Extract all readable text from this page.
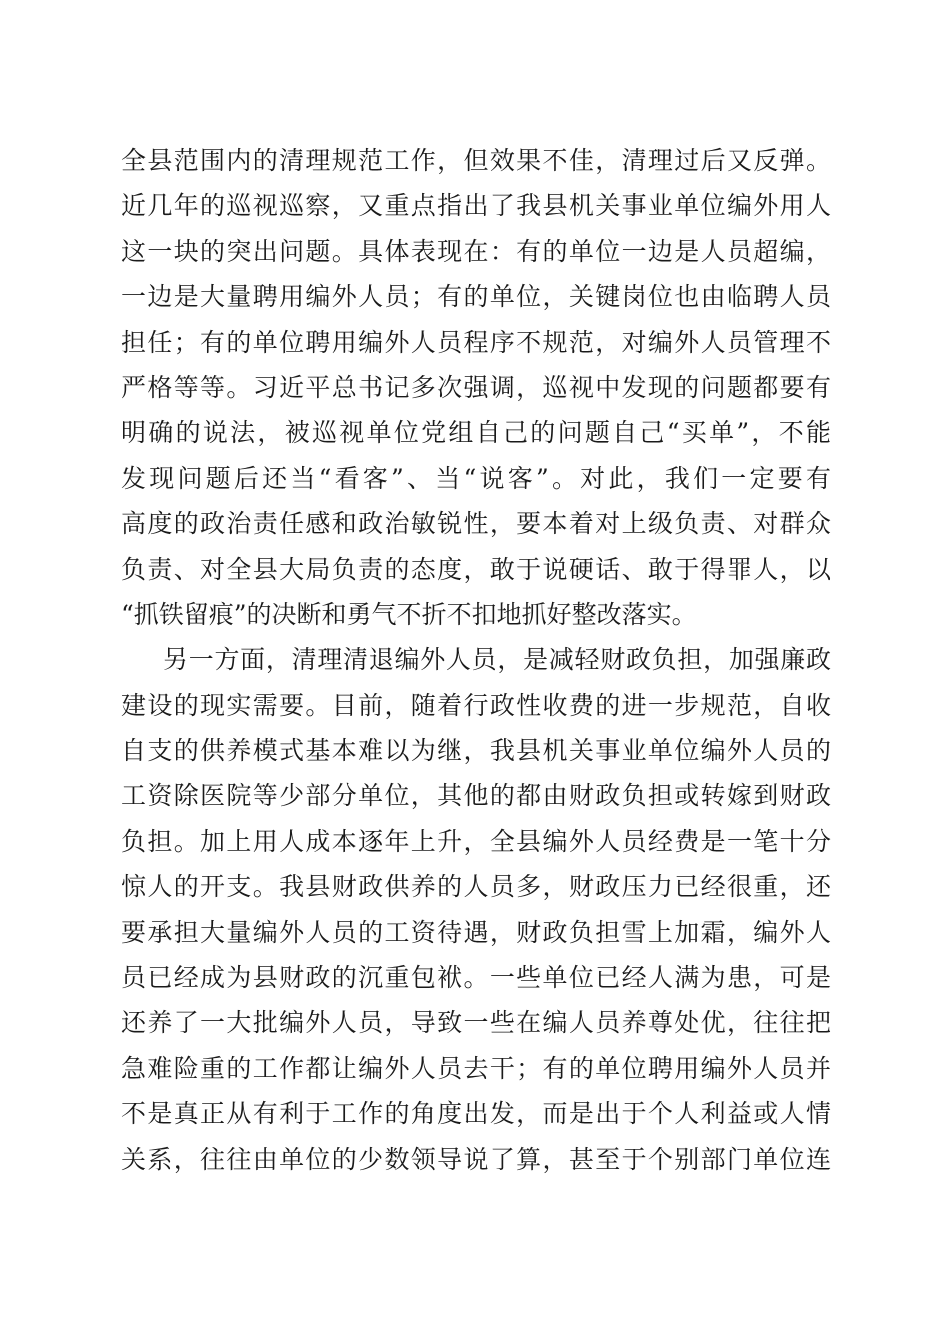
全县范围内的清理规范工作，但效果不佳，清理过后又反弹。
近几年的巡视巡察，又重点指出了我县机关事业单位编外用人
这一块的突出问题。具体表现在：有的单位一边是人员超编，
一边是大量聘用编外人员；有的单位，关键岗位也由临聘人员
担任；有的单位聘用编外人员程序不规范，对编外人员管理不
严格等等。习近平总书记多次强调，巡视中发现的问题都要有
明确的说法，被巡视单位党组自己的问题自己“买单”，不能
发现问题后还当“看客”、当“说客”。对此，我们一定要有
高度的政治责任感和政治敏锐性，要本着对上级负责、对群众
负责、对全县大局负责的态度，敢于说硬话、敢于得罪人，以
“抓铁留痕”的决断和勇气不折不扣地抓好整改落实。
另一方面，清理清退编外人员，是减轻财政负担，加强廉政
建设的现实需要。目前，随着行政性收费的进一步规范，自收
自支的供养模式基本难以为继，我县机关事业单位编外人员的
工资除医院等少部分单位，其他的都由财政负担或转嫁到财政
负担。加上用人成本逐年上升，全县编外人员经费是一笔十分
惊人的开支。我县财政供养的人员多，财政压力已经很重，还
要承担大量编外人员的工资待遇，财政负担雪上加霜，编外人
员已经成为县财政的沉重包袱。一些单位已经人满为患，可是
还养了一大批编外人员，导致一些在编人员养尊处优，往往把
急难险重的工作都让编外人员去干；有的单位聘用编外人员并
不是真正从有利于工作的角度出发，而是出于个人利益或人情
关系，往往由单位的少数领导说了算，甚至于个别部门单位连
